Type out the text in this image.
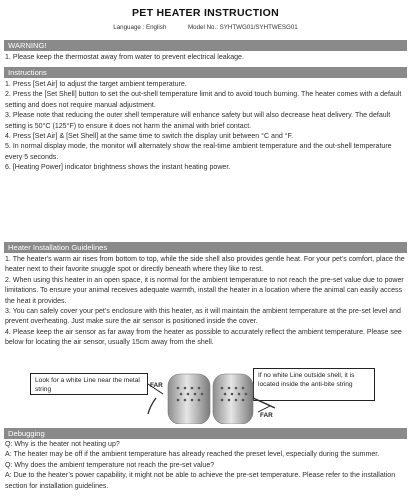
PET HEATER INSTRUCTION
Language : English	Model No.: SYHTWG01/SYHTWESG01
WARNING!
1. Please keep the thermostat away from water to prevent electrical leakage.
Instructions

1. Press [Set Air] to adjust the target ambient temperature.

2. Press the [Set Shell] button to set the out-shell temperature limit and to avoid touch burning. The heater comes with a default setting and does not require manual adjustment.

3. Please note that reducing the outer shell temperature will enhance safety but will also decrease heat delivery. The default setting is 50°C (125°F) to ensure it does not harm the animal with brief contact.

4. Press [Set Air] & [Set Shell] at the same time to switch the display unit between °C and °F.

5. In normal display mode, the monitor will alternately show the real-time ambient temperature and the out-shell temperature every 5 seconds.

6. [Heating Power] indicator brightness shows the instant heating power.

Heater Installation Guidelines

1. The heater's warm air rises from bottom to top, while the side shell also provides gentle heat. For your pet's comfort, place the heater next to their favorite snuggle spot or directly beneath where they like to rest.

2. When using this heater in an open space, it is normal for the ambient temperature to not reach the pre-set value due to power limitations. To ensure your animal receives adequate warmth, install the heater in a location where the animal can easily access the heat it provides.

3. You can safely cover your pet’s enclosure with this heater, as it will maintain the ambient temperature at the pre-set level and prevent overheating. Just make sure the air sensor is positioned inside the cover.

4. Please keep the air sensor as far away from the heater as possible to accurately reflect the ambient temperature. Please see below for locating the air sensor, usually 15cm away from the shell.

Look for a white Line near the metal string
If no white Line outside shell, it is located inside the anti-bite string
FAR
FAR
Debugging

Q: Why is the heater not heating up?

A: The heater may be off if the ambient temperature has already reached the preset level, especially during the summer.

Q: Why does the ambient temperature not reach the pre-set value?

A: Due to the heater’s power capability, it might not be able to achieve the pre-set temperature. Please refer to the installation section for installation guidelines.
